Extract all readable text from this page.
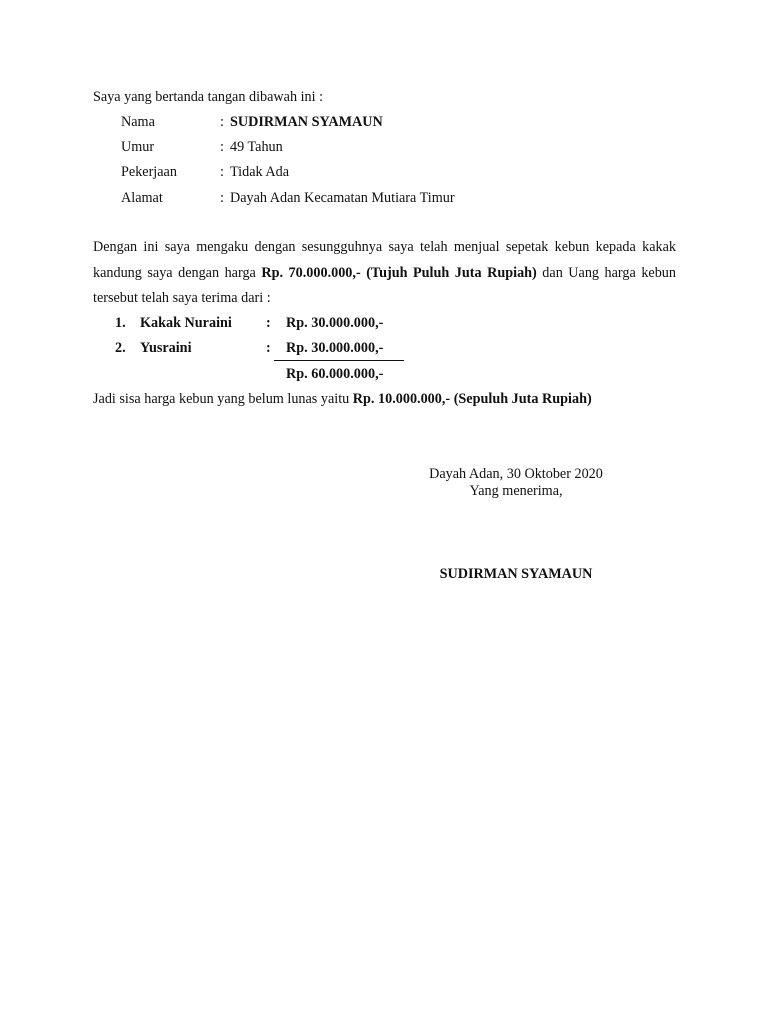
Saya yang bertanda tangan dibawah ini :
Nama	: SUDIRMAN SYAMAUN
Umur	: 49 Tahun
Pekerjaan	: Tidak Ada
Alamat	: Dayah Adan Kecamatan Mutiara Timur
Dengan ini saya mengaku dengan sesungguhnya saya telah menjual sepetak kebun kepada kakak kandung saya dengan harga Rp. 70.000.000,- (Tujuh Puluh Juta Rupiah) dan Uang harga kebun tersebut telah saya terima dari :
1. Kakak Nuraini : Rp. 30.000.000,-
2. Yusraini	: Rp. 30.000.000,-
Rp. 60.000.000,-
Jadi sisa harga kebun yang belum lunas yaitu Rp. 10.000.000,- (Sepuluh Juta Rupiah)
Dayah Adan, 30 Oktober 2020
Yang menerima,
SUDIRMAN SYAMAUN
